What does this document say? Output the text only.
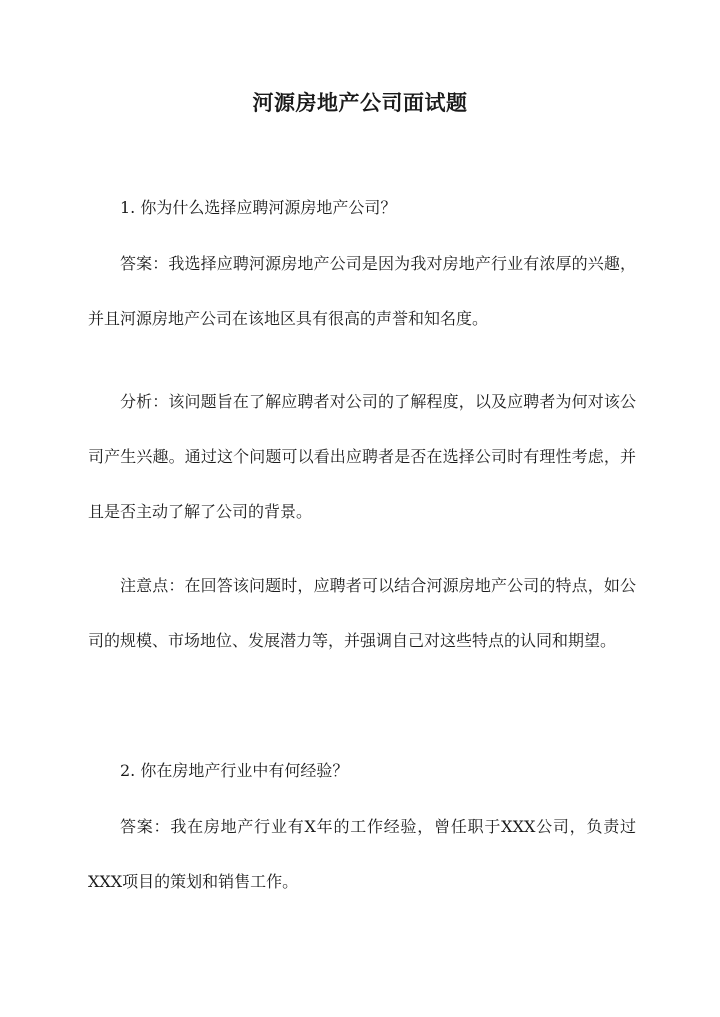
河源房地产公司面试题

1. 你为什么选择应聘河源房地产公司？

答案：我选择应聘河源房地产公司是因为我对房地产行业有浓厚的兴趣，并且河源房地产公司在该地区具有很高的声誉和知名度。

分析：该问题旨在了解应聘者对公司的了解程度，以及应聘者为何对该公司产生兴趣。通过这个问题可以看出应聘者是否在选择公司时有理性考虑，并且是否主动了解了公司的背景。

注意点：在回答该问题时，应聘者可以结合河源房地产公司的特点，如公司的规模、市场地位、发展潜力等，并强调自己对这些特点的认同和期望。

2. 你在房地产行业中有何经验？

答案：我在房地产行业有X年的工作经验，曾任职于XXX公司，负责过XXX项目的策划和销售工作。
